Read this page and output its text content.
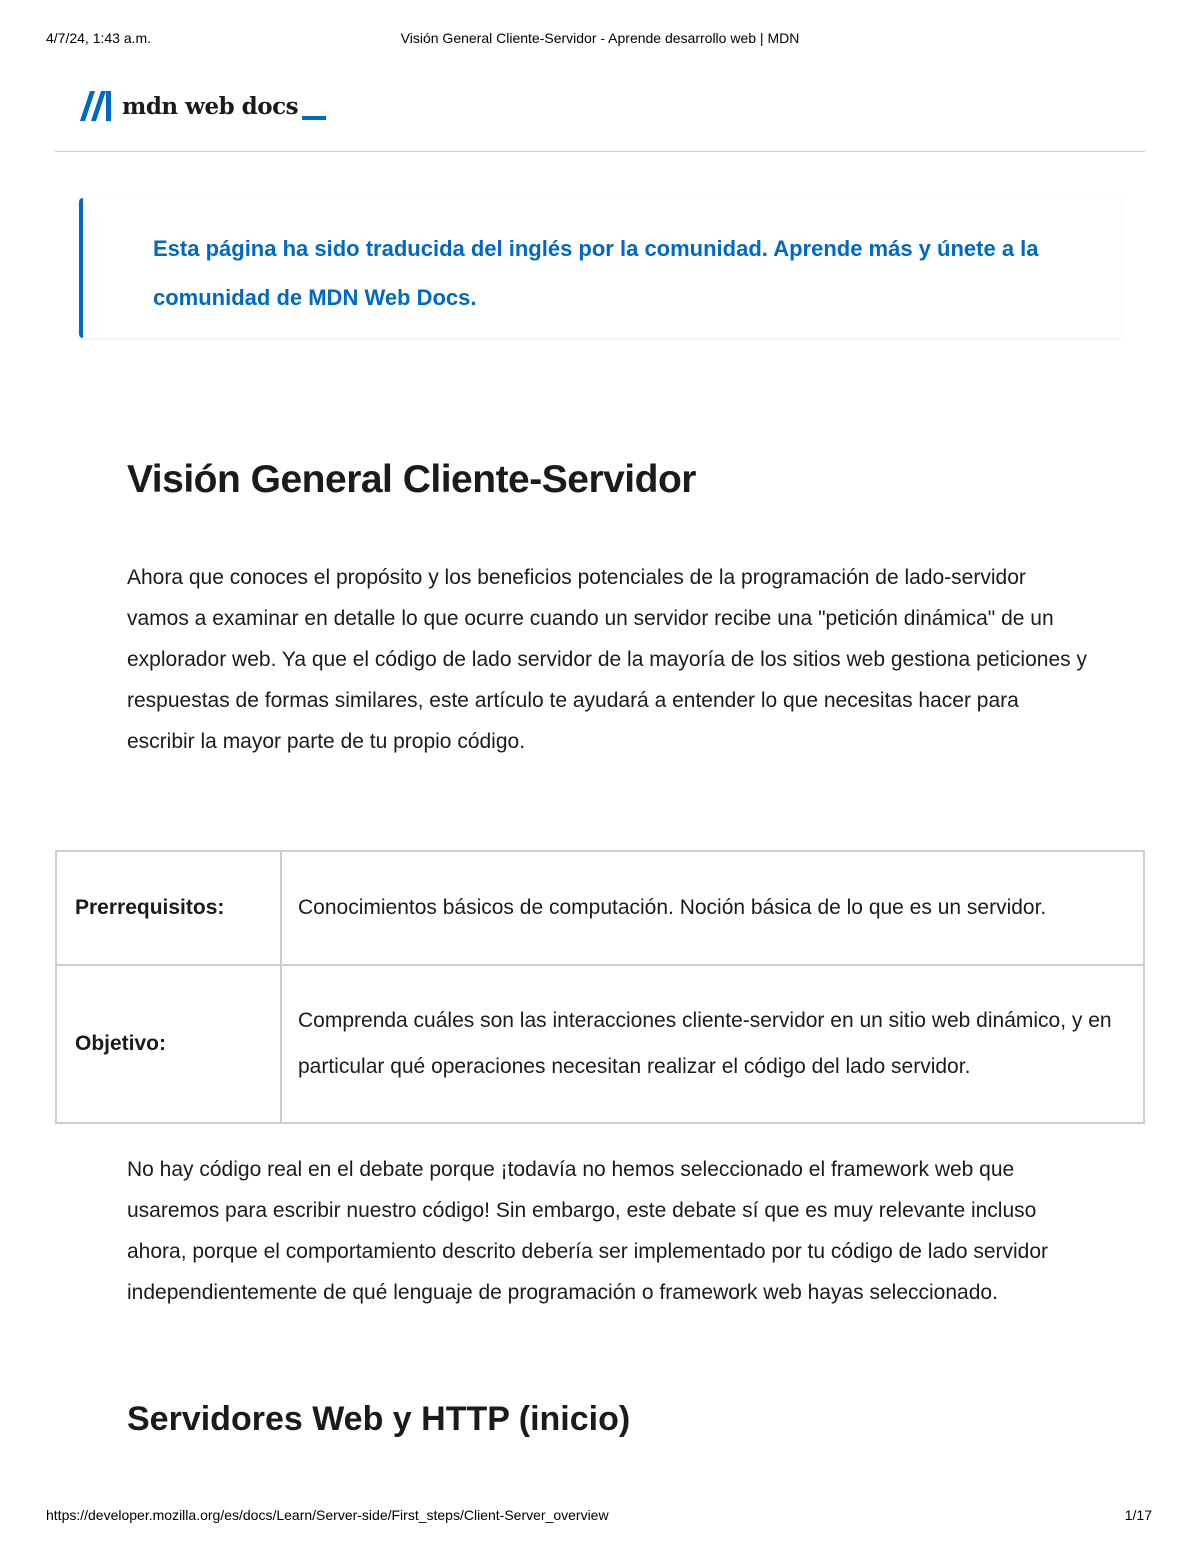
4/7/24, 1:43 a.m.	Visión General Cliente-Servidor - Aprende desarrollo web | MDN
mdn web docs

Esta página ha sido traducida del inglés por la comunidad. Aprende más y únete a la comunidad de MDN Web Docs.

Visión General Cliente-Servidor

Ahora que conoces el propósito y los beneficios potenciales de la programación de lado-servidor vamos a examinar en detalle lo que ocurre cuando un servidor recibe una "petición dinámica" de un explorador web. Ya que el código de lado servidor de la mayoría de los sitios web gestiona peticiones y respuestas de formas similares, este artículo te ayudará a entender lo que necesitas hacer para escribir la mayor parte de tu propio código.

Prerrequisitos:	Conocimientos básicos de computación. Noción básica de lo que es un servidor.
Objetivo:	Comprenda cuáles son las interacciones cliente-servidor en un sitio web dinámico, y en particular qué operaciones necesitan realizar el código del lado servidor.

No hay código real en el debate porque ¡todavía no hemos seleccionado el framework web que usaremos para escribir nuestro código! Sin embargo, este debate sí que es muy relevante incluso ahora, porque el comportamiento descrito debería ser implementado por tu código de lado servidor independientemente de qué lenguaje de programación o framework web hayas seleccionado.

Servidores Web y HTTP (inicio)
https://developer.mozilla.org/es/docs/Learn/Server-side/First_steps/Client-Server_overview	1/17
